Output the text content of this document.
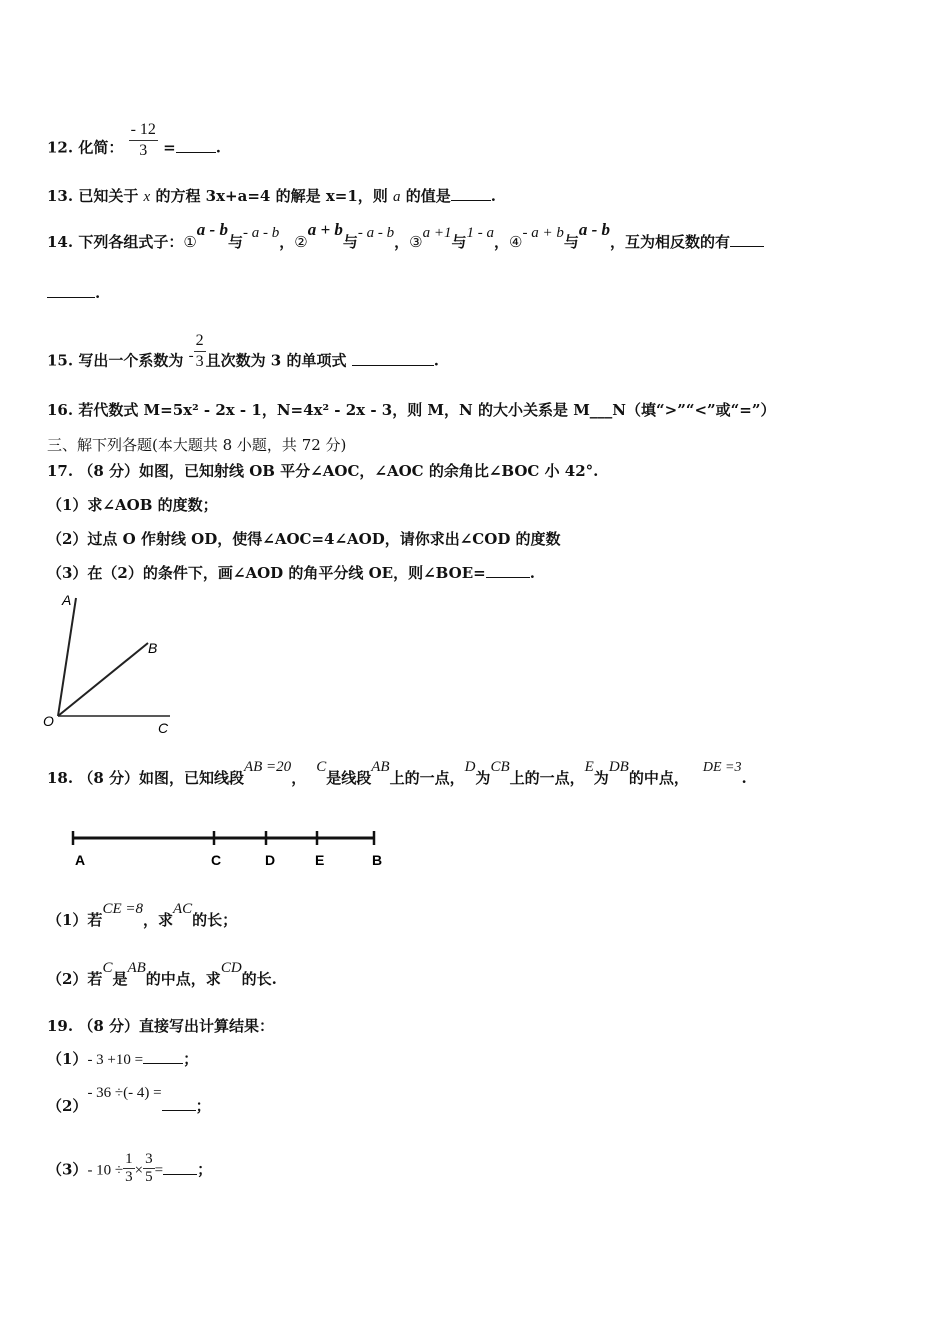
12. 化简： $\frac{- 12}{3}$ =	.
13. 已知关于 x 的方程 3x+a=4 的解是 x=1，则 a 的值是	.
14. 下列各组式子：①a - b与- a - b，②a + b与- a - b，③a +1与1 - a，④- a + b与a - b，互为相反数的有
.
15. 写出一个系数为 - $\frac{2}{3}$ 且次数为 3 的单项式	.
16. 若代数式 M=5x² - 2x - 1，N=4x² - 2x - 3，则 M，N 的大小关系是 M___N（填“>”“<”或“=”）
三、解下列各题(本大题共 8 小题，共 72 分)
17. （8 分）如图，已知射线 OB 平分∠AOC，∠AOC 的余角比∠BOC 小 42°.
（1）求∠AOB 的度数；
（2）过点 O 作射线 OD，使得∠AOC=4∠AOD，请你求出∠COD 的度数
（3）在（2）的条件下，画∠AOD 的角平分线 OE，则∠BOE=	.
A
B
O	C
18. （8 分）如图，已知线段AB =20，C是线段AB上的一点，D为CB上的一点，E为DB的中点，DE =3.
A	C	D	E	B
（1）若CE =8，求AC的长；
（2）若C是AB的中点，求CD的长.
19. （8 分）直接写出计算结果：
（1）- 3 +10 =	；
（2）- 36 ÷(- 4) =；
（3）- $10 \div \frac{1}{3} \times \frac{3}{5}$ = ；
